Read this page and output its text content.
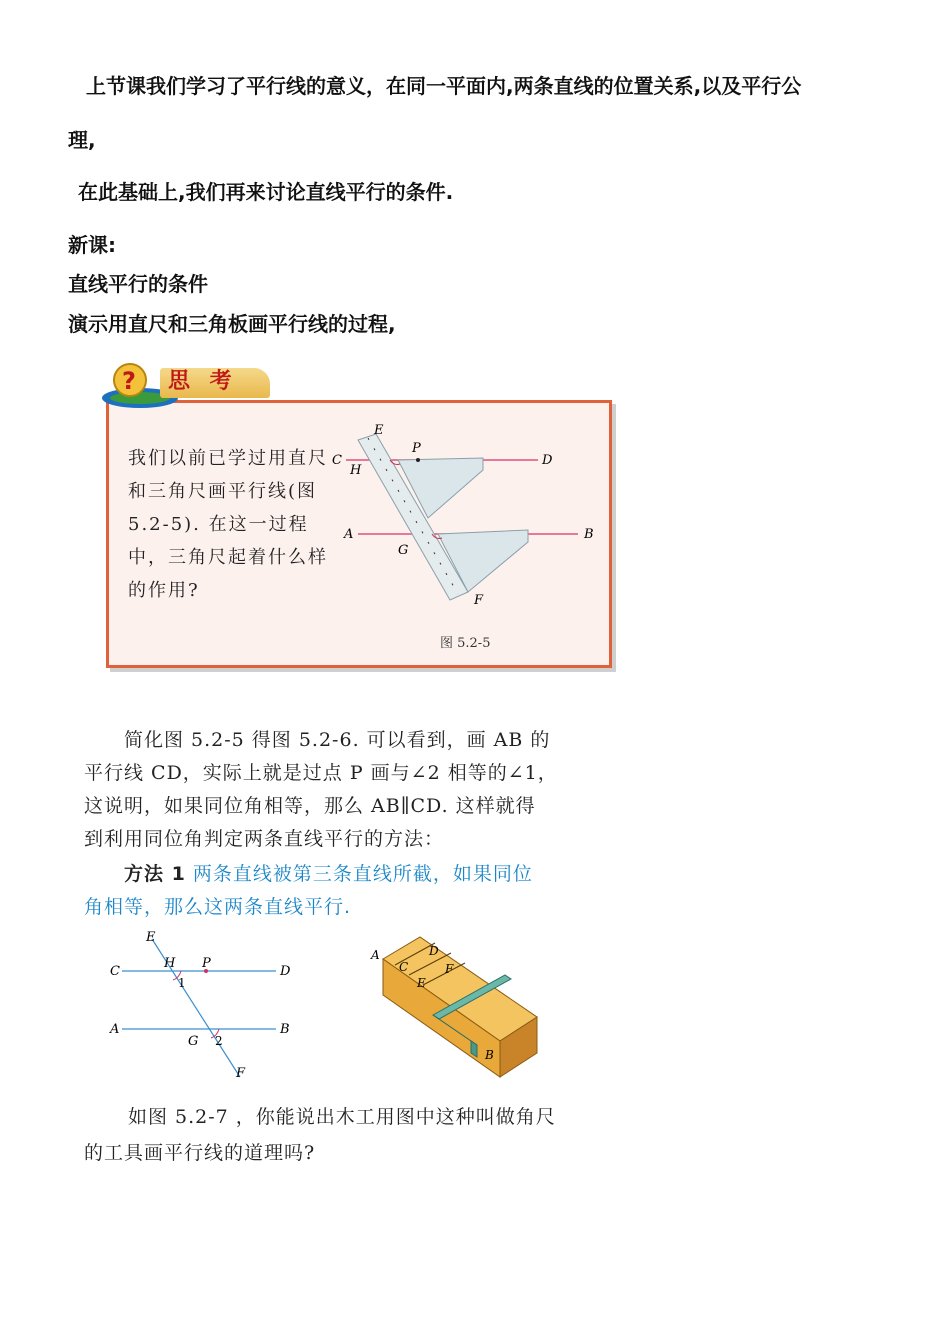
上节课我们学习了平行线的意义，在同一平面内,两条直线的位置关系,以及平行公
理,
在此基础上,我们再来讨论直线平行的条件.
新课:
直线平行的条件
演示用直尺和三角板画平行线的过程,
? 思 考
我们以前已学过用直尺和三角尺画平行线(图 5.2-5). 在这一过程中，三角尺起着什么样的作用?
C	D
E
P
H
A	B
G
F
图 5.2-5
简化图 5.2-5 得图 5.2-6. 可以看到，画 AB 的
平行线 CD，实际上就是过点 P 画与∠2 相等的∠1，
这说明，如果同位角相等，那么 AB∥CD. 这样就得
到利用同位角判定两条直线平行的方法：
方法 1 两条直线被第三条直线所截，如果同位
角相等，那么这两条直线平行.
E
H P
C	D
1
A	B
G 2
F
A
C
D
E
F
B
如图 5.2-7 ，你能说出木工用图中这种叫做角尺
的工具画平行线的道理吗?
